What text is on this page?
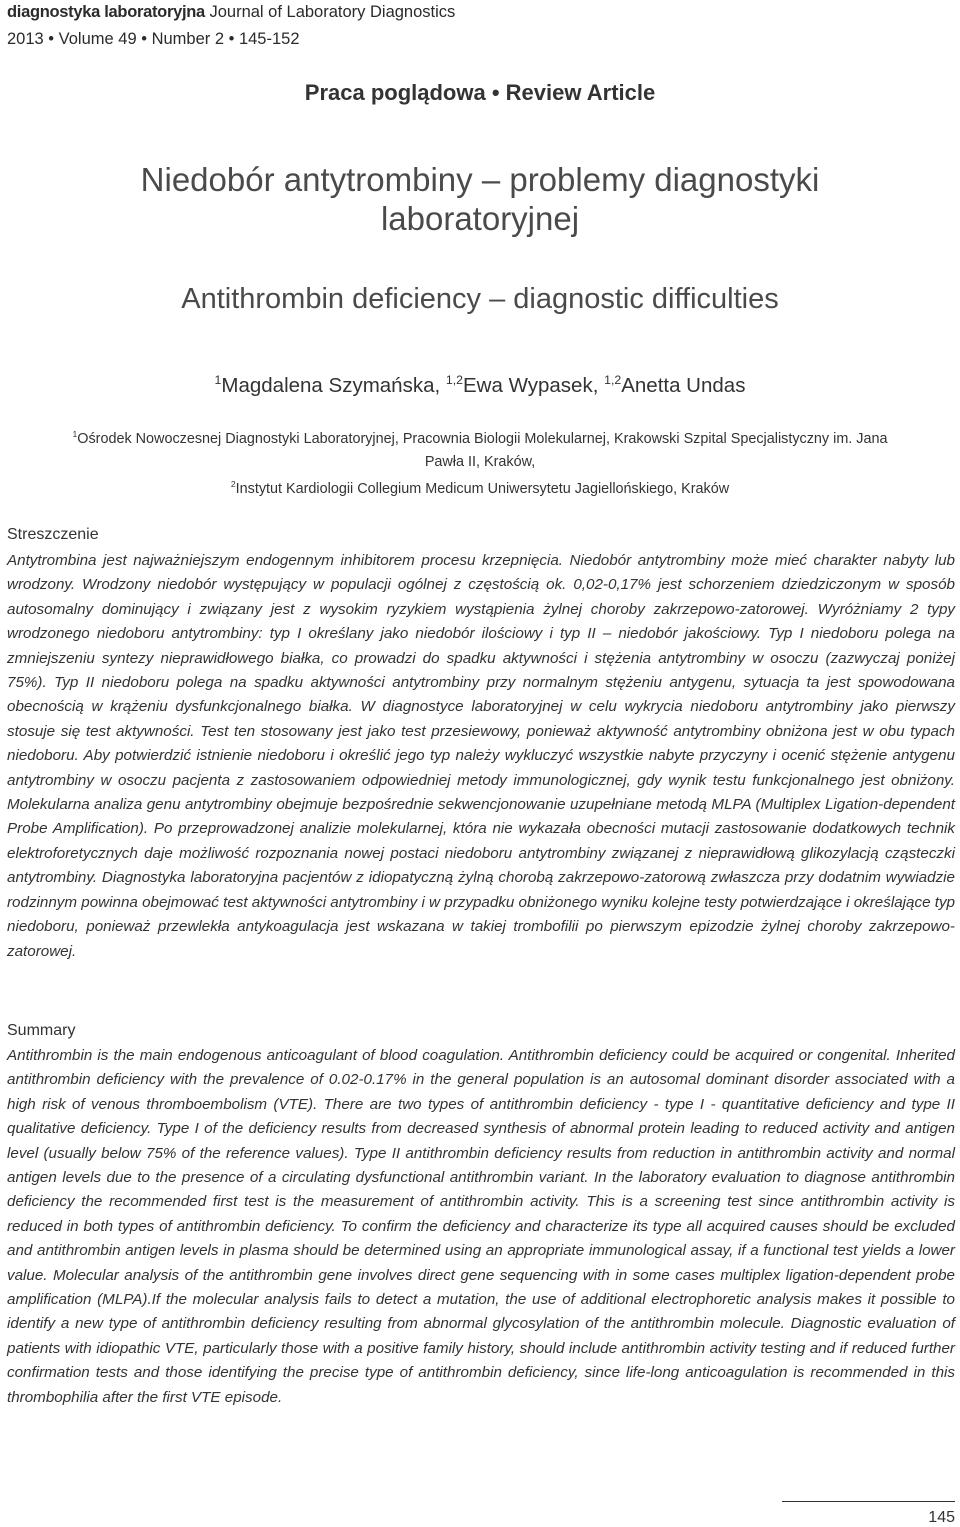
diagnostyka laboratoryjna Journal of Laboratory Diagnostics
2013 • Volume 49 • Number 2 • 145-152
Praca poglądowa • Review Article
Niedobór antytrombiny – problemy diagnostyki laboratoryjnej
Antithrombin deficiency – diagnostic difficulties
$^1$Magdalena Szymańska, $^{1,2}$Ewa Wypasek, $^{1,2}$Anetta Undas

$^1$Ośrodek Nowoczesnej Diagnostyki Laboratoryjnej, Pracownia Biologii Molekularnej, Krakowski Szpital Specjalistyczny im. Jana Pawła II, Kraków,

$^2$Instytut Kardiologii Collegium Medicum Uniwersytetu Jagiellońskiego, Kraków

Streszczenie

Antytrombina jest najważniejszym endogennym inhibitorem procesu krzepnięcia. Niedobór antytrombiny może mieć charakter nabyty lub wrodzony. Wrodzony niedobór występujący w populacji ogólnej z częstością ok. 0,02-0,17% jest schorzeniem dziedziczonym w sposób autosomalny dominujący i związany jest z wysokim ryzykiem wystąpienia żylnej choroby zakrzepowo-zatorowej. Wyróżniamy 2 typy wrodzonego niedoboru antytrombiny: typ I określany jako niedobór ilościowy i typ II – niedobór jakościowy. Typ I niedoboru polega na zmniejszeniu syntezy nieprawidłowego białka, co prowadzi do spadku aktywności i stężenia antytrombiny w osoczu (zazwyczaj poniżej 75%). Typ II niedoboru polega na spadku aktywności antytrombiny przy normalnym stężeniu antygenu, sytuacja ta jest spowodowana obecnością w krążeniu dysfunkcjonalnego białka. W diagnostyce laboratoryjnej w celu wykrycia niedoboru antytrombiny jako pierwszy stosuje się test aktywności. Test ten stosowany jest jako test przesiewowy, ponieważ aktywność antytrombiny obniżona jest w obu typach niedoboru. Aby potwierdzić istnienie niedoboru i określić jego typ należy wykluczyć wszystkie nabyte przyczyny i ocenić stężenie antygenu antytrombiny w osoczu pacjenta z zastosowaniem odpowiedniej metody immunologicznej, gdy wynik testu funkcjonalnego jest obniżony. Molekularna analiza genu antytrombiny obejmuje bezpośrednie sekwencjonowanie uzupełniane metodą MLPA (Multiplex Ligation-dependent Probe Amplification). Po przeprowadzonej analizie molekularnej, która nie wykazała obecności mutacji zastosowanie dodatkowych technik elektroforetycznych daje możliwość rozpoznania nowej postaci niedoboru antytrombiny związanej z nieprawidłową glikozylacją cząsteczki antytrombiny. Diagnostyka laboratoryjna pacjentów z idiopatyczną żylną chorobą zakrzepowo-zatorową zwłaszcza przy dodatnim wywiadzie rodzinnym powinna obejmować test aktywności antytrombiny i w przypadku obniżonego wyniku kolejne testy potwierdzające i określające typ niedoboru, ponieważ przewlekła antykoagulacja jest wskazana w takiej trombofilii po pierwszym epizodzie żylnej choroby zakrzepowo-zatorowej.

Summary

Antithrombin is the main endogenous anticoagulant of blood coagulation. Antithrombin deficiency could be acquired or congenital. Inherited antithrombin deficiency with the prevalence of 0.02-0.17% in the general population is an autosomal dominant disorder associated with a high risk of venous thromboembolism (VTE). There are two types of antithrombin deficiency - type I - quantitative deficiency and type II qualitative deficiency. Type I of the deficiency results from decreased synthesis of abnormal protein leading to reduced activity and antigen level (usually below 75% of the reference values). Type II antithrombin deficiency results from reduction in antithrombin activity and normal antigen levels due to the presence of a circulating dysfunctional antithrombin variant. In the laboratory evaluation to diagnose antithrombin deficiency the recommended first test is the measurement of antithrombin activity. This is a screening test since antithrombin activity is reduced in both types of antithrombin deficiency. To confirm the deficiency and characterize its type all acquired causes should be excluded and antithrombin antigen levels in plasma should be determined using an appropriate immunological assay, if a functional test yields a lower value. Molecular analysis of the antithrombin gene involves direct gene sequencing with in some cases multiplex ligation-dependent probe amplification (MLPA).If the molecular analysis fails to detect a mutation, the use of additional electrophoretic analysis makes it possible to identify a new type of antithrombin deficiency resulting from abnormal glycosylation of the antithrombin molecule. Diagnostic evaluation of patients with idiopathic VTE, particularly those with a positive family history, should include antithrombin activity testing and if reduced further confirmation tests and those identifying the precise type of antithrombin deficiency, since life-long anticoagulation is recommended in this thrombophilia after the first VTE episode.

145
